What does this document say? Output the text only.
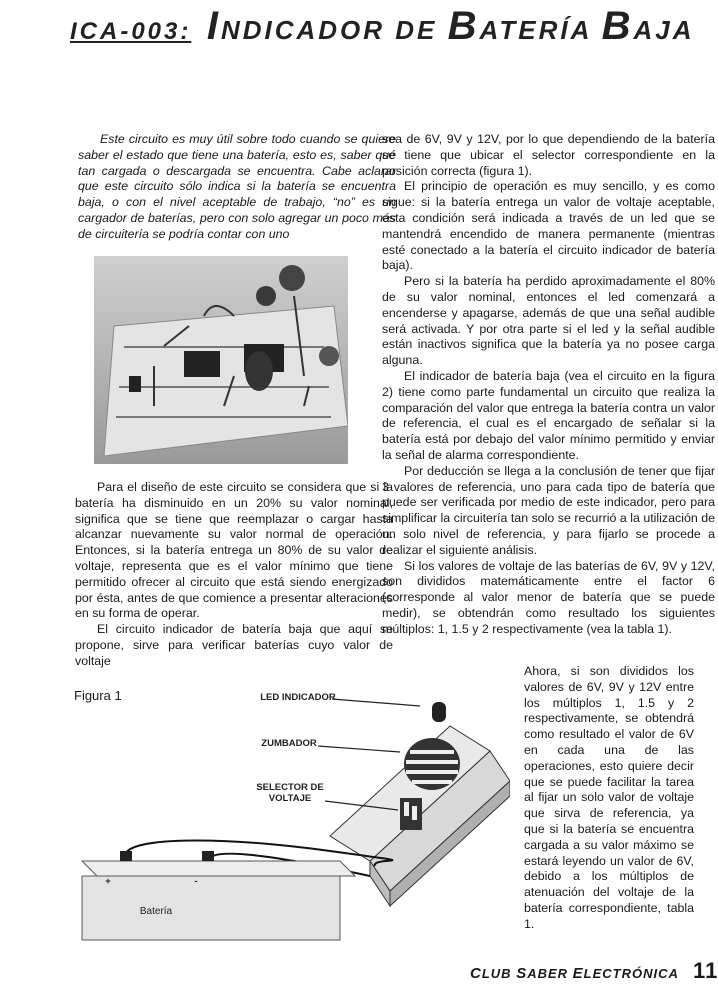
ICA-003: INDICADOR DE BATERÍA BAJA

Este circuito es muy útil sobre todo cuando se quiere saber el estado que tiene una batería, esto es, saber qué tan cargada o descargada se encuentra. Cabe aclarar que este circuito sólo indica si la batería se encuentra baja, o con el nivel aceptable de trabajo, “no” es un cargador de baterías, pero con solo agregar un poco más de circuitería se podría contar con uno

Para el diseño de este circuito se considera que si la batería ha disminuido en un 20% su valor nominal, significa que se tiene que reemplazar o cargar hasta alcanzar nuevamente su valor normal de operación. Entonces, si la batería entrega un 80% de su valor de voltaje, representa que es el valor mínimo que tiene permitido ofrecer al circuito que está siendo energizado por ésta, antes de que comience a presentar alteraciones en su forma de operar.

El circuito indicador de batería baja que aquí se propone, sirve para verificar baterías cuyo valor de voltaje

sea de 6V, 9V y 12V, por lo que dependiendo de la batería se tiene que ubicar el selector correspondiente en la posición correcta (figura 1).

El principio de operación es muy sencillo, y es como sigue: si la batería entrega un valor de voltaje aceptable, esta condición será indicada a través de un led que se mantendrá encendido de manera permanente (mientras esté conectado a la batería el circuito indicador de batería baja).

Pero si la batería ha perdido aproximadamente el 80% de su valor nominal, entonces el led comenzará a encenderse y apagarse, además de que una señal audible será activada. Y por otra parte si el led y la señal audible están inactivos significa que la batería ya no posee carga alguna.

El indicador de batería baja (vea el circuito en la figura 2) tiene como parte fundamental un circuito que realiza la comparación del valor que entrega la batería contra un valor de referencia, el cual es el encargado de señalar si la batería está por debajo del valor mínimo permitido y enviar la señal de alarma correspondiente.

Por deducción se llega a la conclusión de tener que fijar 3 valores de referencia, uno para cada tipo de batería que puede ser verificada por medio de este indicador, pero para simplificar la circuitería tan solo se recurrió a la utilización de un solo nivel de referencia, y para fijarlo se procede a realizar el siguiente análisis.

Si los valores de voltaje de las baterías de 6V, 9V y 12V, son divididos matemáticamente entre el factor 6 (corresponde al valor menor de batería que se puede medir), se obtendrán como resultado los siguientes múltiplos: 1, 1.5 y 2 respectivamente (vea la tabla 1).

Ahora, si son divididos los valores de 6V, 9V y 12V entre los múltiplos 1, 1.5 y 2 respectivamente, se obtendrá como resultado el valor de 6V en cada una de las operaciones, esto quiere decir que se puede facilitar la tarea al fijar un solo valor de voltaje que sirva de referencia, ya que si la batería se encuentra cargada a su valor máximo se estará leyendo un valor de 6V, debido a los múltiplos de atenuación del voltaje de la batería correspondiente, tabla 1.

Figura 1	LED INDICADOR
ZUMBADOR
SELECTOR DE
VOLTAJE
+	-
Batería
CLUB SABER ELECTRÓNICA 11
